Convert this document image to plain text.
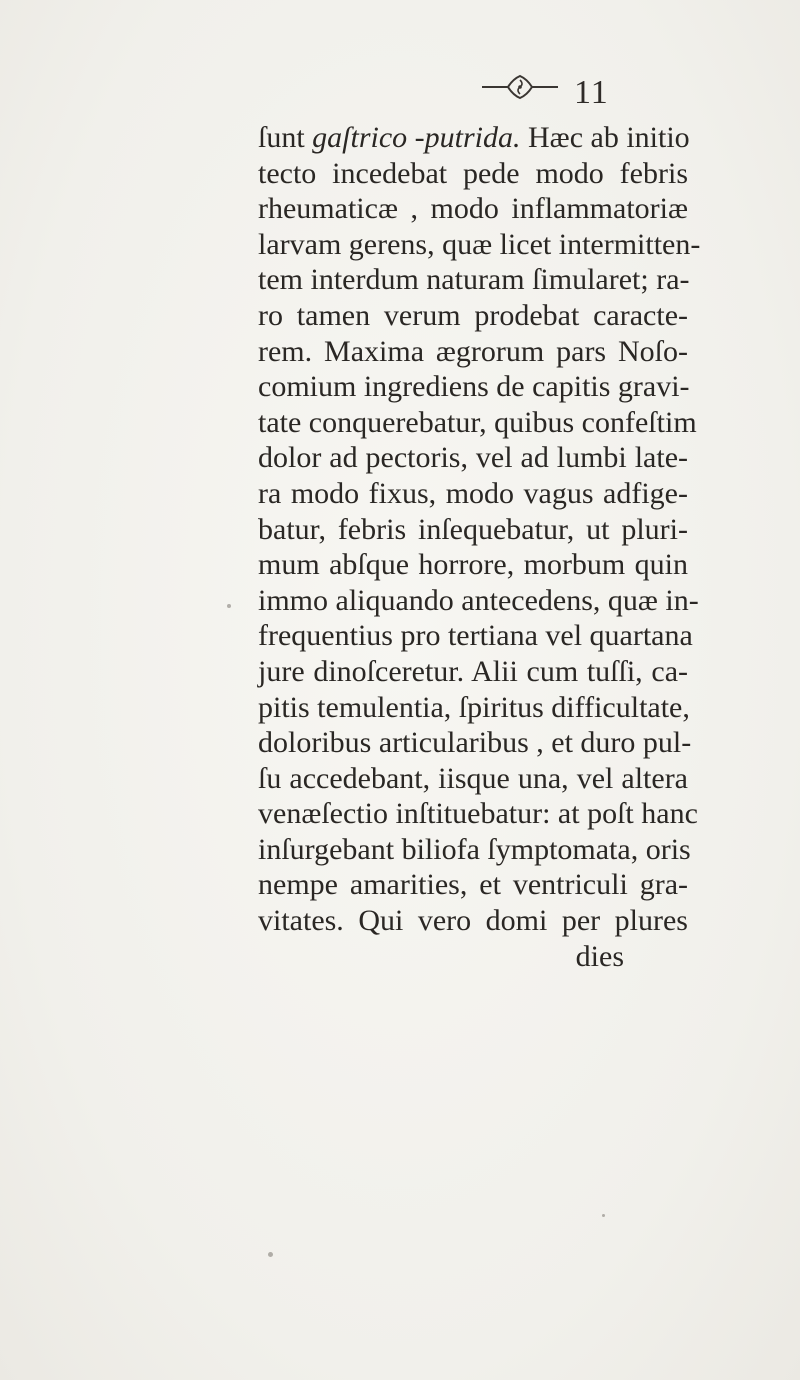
11
ſunt gaſtrico -putrida. Hæc ab initio
tecto incedebat pede modo febris
rheumaticæ , modo inflammatoriæ
larvam gerens, quæ licet intermitten-
tem interdum naturam ſimularet; ra-
ro tamen verum prodebat caracte-
rem. Maxima ægrorum pars Noſo-
comium ingrediens de capitis gravi-
tate conquerebatur, quibus confeſtim
dolor ad pectoris, vel ad lumbi late-
ra modo fixus, modo vagus adfige-
batur, febris inſequebatur, ut pluri-
mum abſque horrore, morbum quin
immo aliquando antecedens, quæ in-
frequentius pro tertiana vel quartana
jure dinoſceretur. Alii cum tuſſi, ca-
pitis temulentia, ſpiritus difficultate,
doloribus articularibus , et duro pul-
ſu accedebant, iisque una, vel altera
venæſectio inſtituebatur: at poſt hanc
inſurgebant biliofa ſymptomata, oris
nempe amarities, et ventriculi gra-
vitates. Qui vero domi per plures
dies
